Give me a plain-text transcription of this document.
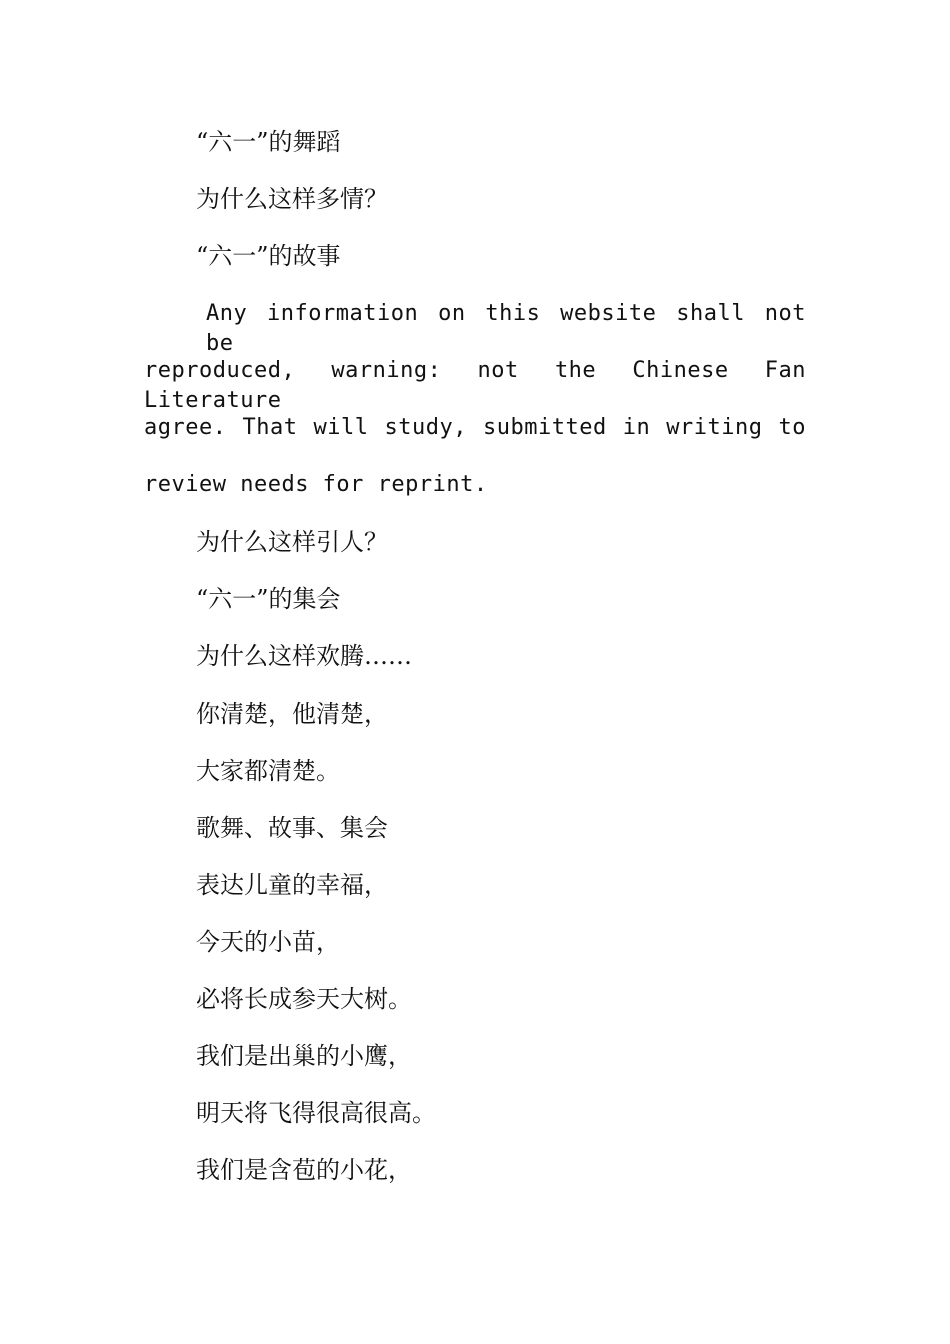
“六一”的舞蹈
为什么这样多情？
“六一”的故事
Any information on this website shall not be
reproduced, warning: not the Chinese Fan Literature
agree. That will study, submitted in writing to
review needs for reprint.
为什么这样引人？
“六一”的集会
为什么这样欢腾……
你清楚，他清楚，
大家都清楚。
歌舞、故事、集会
表达儿童的幸福，
今天的小苗，
必将长成参天大树。
我们是出巢的小鹰，
明天将飞得很高很高。
我们是含苞的小花，
